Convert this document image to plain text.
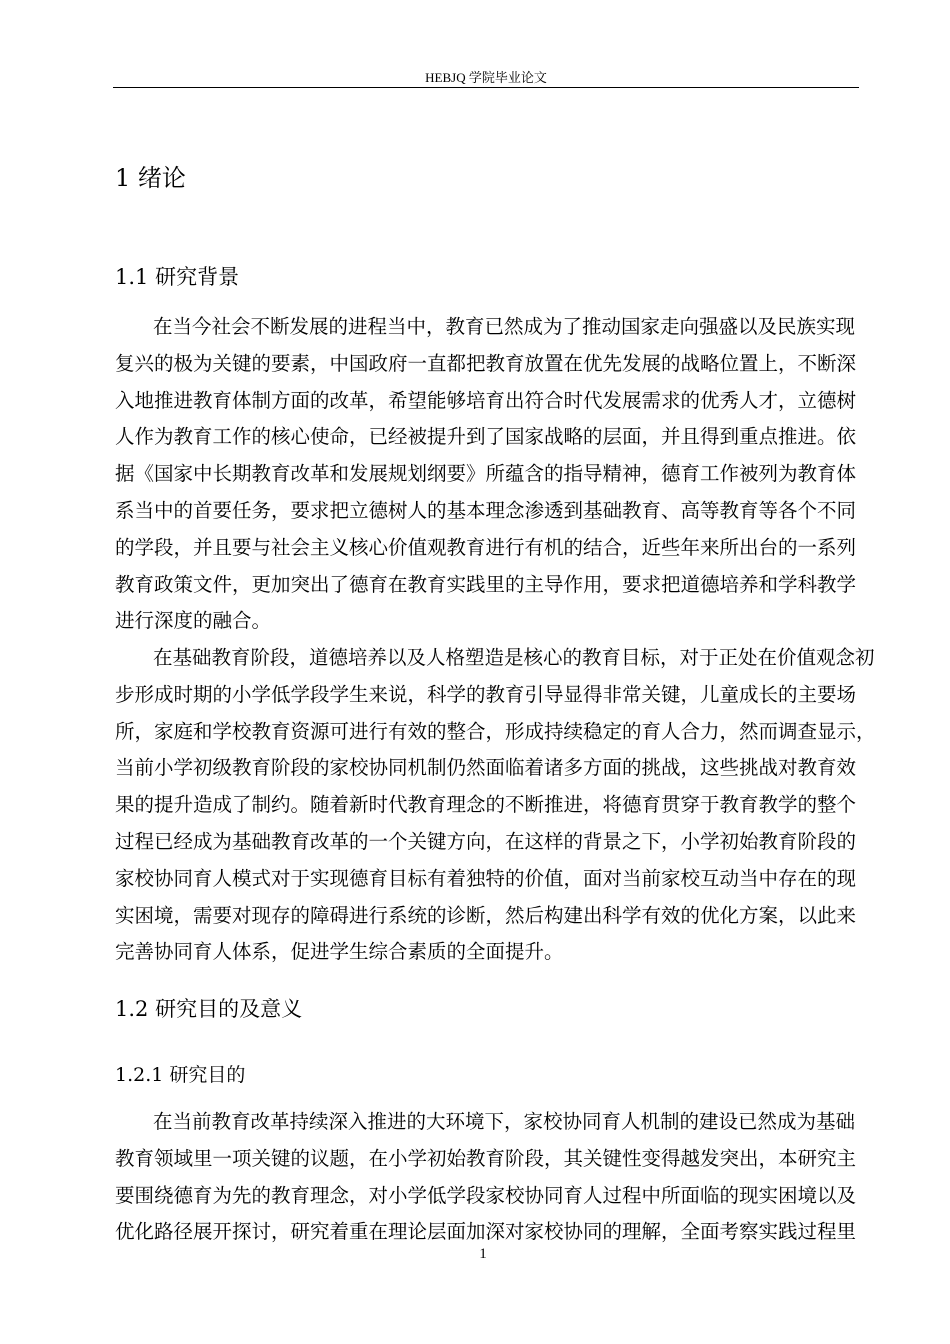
HEBJQ 学院毕业论文
1 绪论
1.1 研究背景
在当今社会不断发展的进程当中，教育已然成为了推动国家走向强盛以及民族实现
复兴的极为关键的要素，中国政府一直都把教育放置在优先发展的战略位置上，不断深
入地推进教育体制方面的改革，希望能够培育出符合时代发展需求的优秀人才，立德树
人作为教育工作的核心使命，已经被提升到了国家战略的层面，并且得到重点推进。依
据《国家中长期教育改革和发展规划纲要》所蕴含的指导精神，德育工作被列为教育体
系当中的首要任务，要求把立德树人的基本理念渗透到基础教育、高等教育等各个不同
的学段，并且要与社会主义核心价值观教育进行有机的结合，近些年来所出台的一系列
教育政策文件，更加突出了德育在教育实践里的主导作用，要求把道德培养和学科教学
进行深度的融合。
在基础教育阶段，道德培养以及人格塑造是核心的教育目标，对于正处在价值观念初
步形成时期的小学低学段学生来说，科学的教育引导显得非常关键，儿童成长的主要场
所，家庭和学校教育资源可进行有效的整合，形成持续稳定的育人合力，然而调查显示，
当前小学初级教育阶段的家校协同机制仍然面临着诸多方面的挑战，这些挑战对教育效
果的提升造成了制约。随着新时代教育理念的不断推进，将德育贯穿于教育教学的整个
过程已经成为基础教育改革的一个关键方向，在这样的背景之下，小学初始教育阶段的
家校协同育人模式对于实现德育目标有着独特的价值，面对当前家校互动当中存在的现
实困境，需要对现存的障碍进行系统的诊断，然后构建出科学有效的优化方案，以此来
完善协同育人体系，促进学生综合素质的全面提升。
1.2 研究目的及意义
1.2.1 研究目的
在当前教育改革持续深入推进的大环境下，家校协同育人机制的建设已然成为基础
教育领域里一项关键的议题，在小学初始教育阶段，其关键性变得越发突出，本研究主
要围绕德育为先的教育理念，对小学低学段家校协同育人过程中所面临的现实困境以及
优化路径展开探讨，研究着重在理论层面加深对家校协同的理解，全面考察实践过程里
1
